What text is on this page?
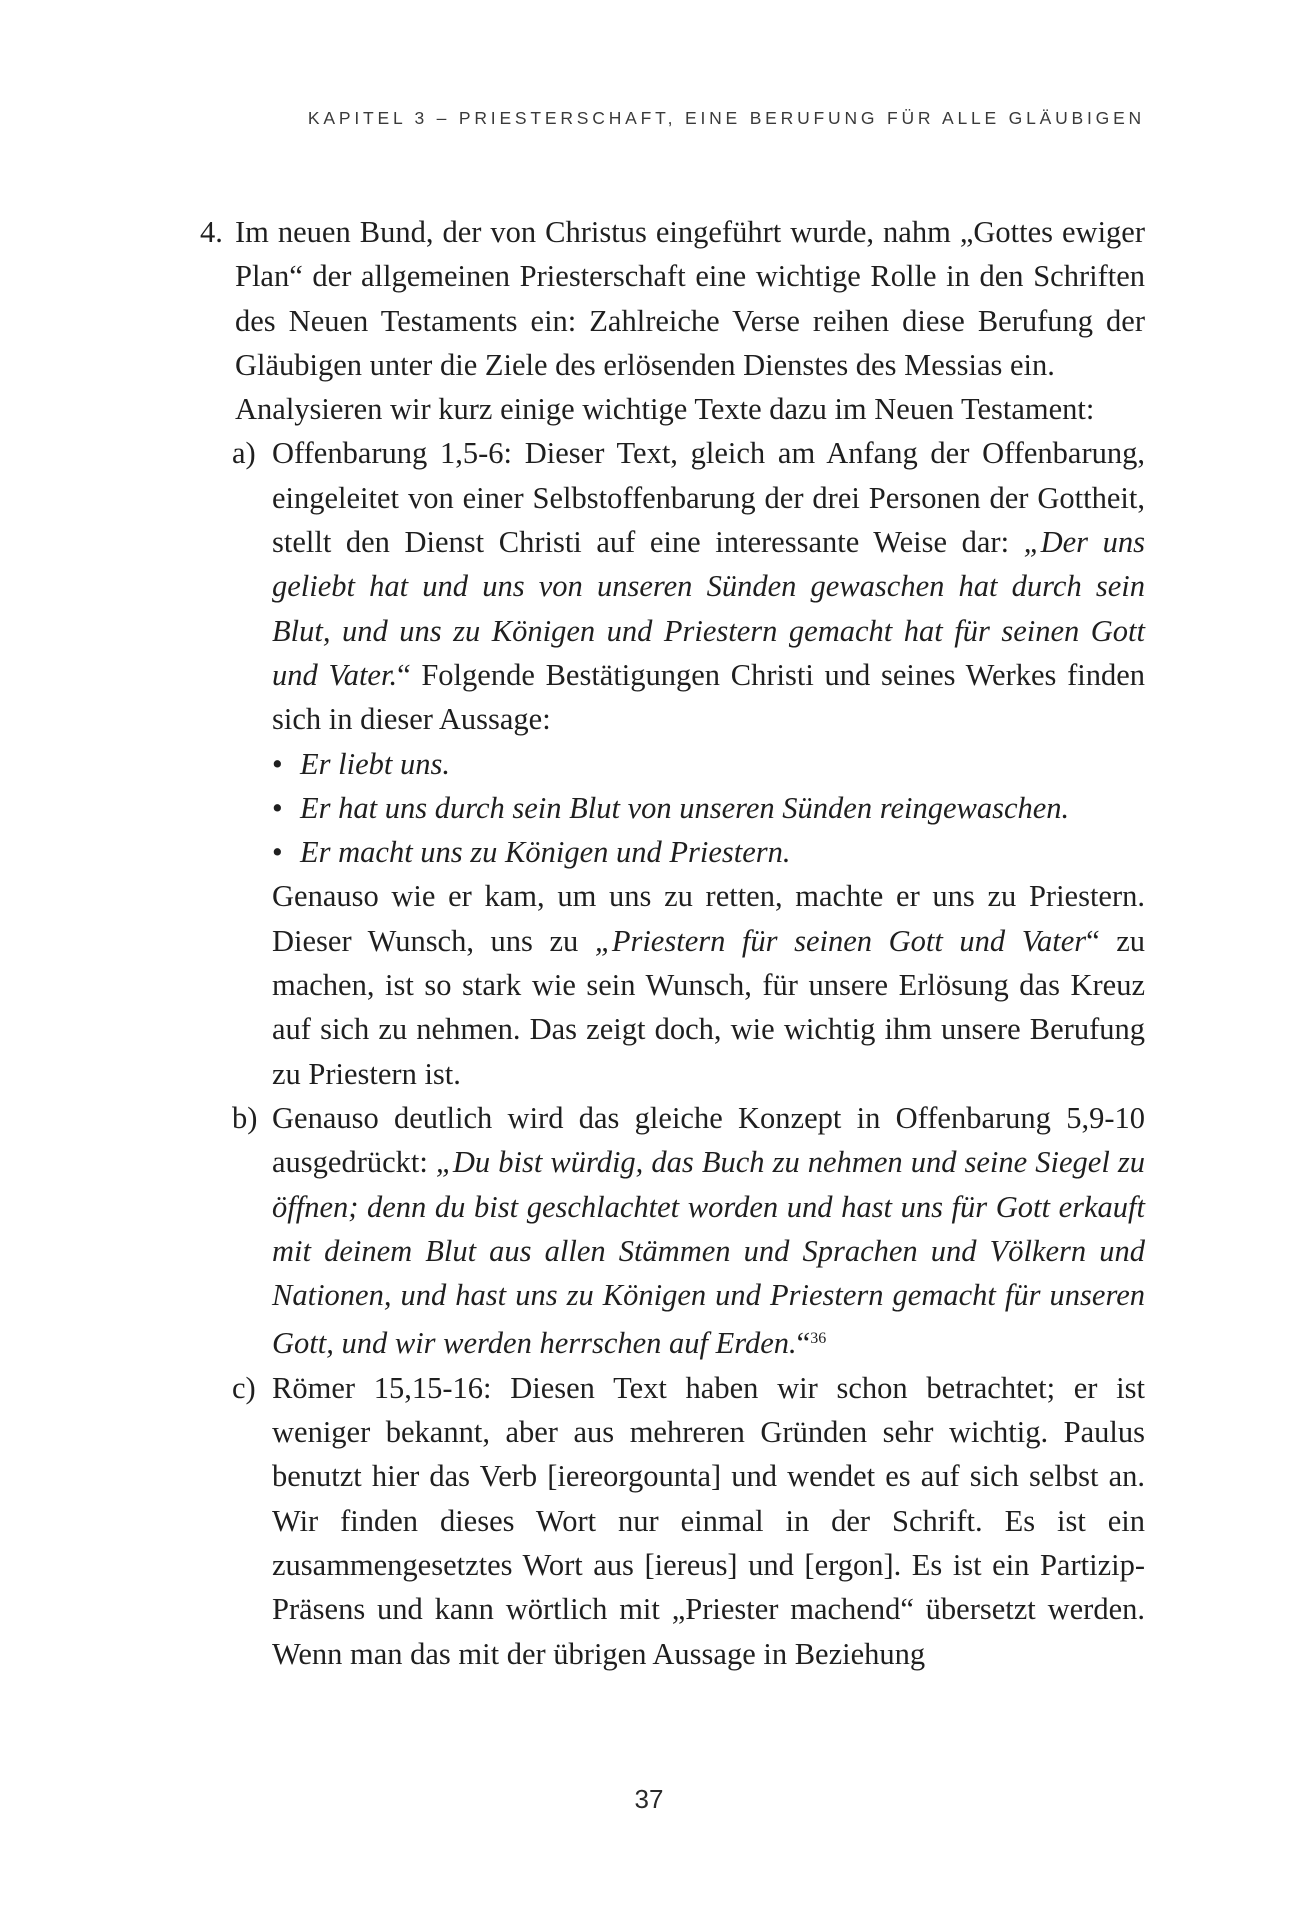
KAPITEL 3 – PRIESTERSCHAFT, EINE BERUFUNG FÜR ALLE GLÄUBIGEN

4. Im neuen Bund, der von Christus eingeführt wurde, nahm „Gottes ewiger Plan“ der allgemeinen Priesterschaft eine wichtige Rolle in den Schriften des Neuen Testaments ein: Zahlreiche Verse reihen diese Berufung der Gläubigen unter die Ziele des erlösenden Dienstes des Messias ein.

Analysieren wir kurz einige wichtige Texte dazu im Neuen Testament:

a) Offenbarung 1,5-6: Dieser Text, gleich am Anfang der Offenbarung, eingeleitet von einer Selbstoffenbarung der drei Personen der Gottheit, stellt den Dienst Christi auf eine interessante Weise dar: „Der uns geliebt hat und uns von unseren Sünden gewaschen hat durch sein Blut, und uns zu Königen und Priestern gemacht hat für seinen Gott und Vater.“ Folgende Bestätigungen Christi und seines Werkes finden sich in dieser Aussage:

• Er liebt uns.

• Er hat uns durch sein Blut von unseren Sünden reingewaschen.

• Er macht uns zu Königen und Priestern.

Genauso wie er kam, um uns zu retten, machte er uns zu Priestern. Dieser Wunsch, uns zu „Priestern für seinen Gott und Vater“ zu machen, ist so stark wie sein Wunsch, für unsere Erlösung das Kreuz auf sich zu nehmen. Das zeigt doch, wie wichtig ihm unsere Berufung zu Priestern ist.

b) Genauso deutlich wird das gleiche Konzept in Offenbarung 5,9-10 ausgedrückt: „Du bist würdig, das Buch zu nehmen und seine Siegel zu öffnen; denn du bist geschlachtet worden und hast uns für Gott erkauft mit deinem Blut aus allen Stämmen und Sprachen und Völkern und Nationen, und hast uns zu Königen und Priestern gemacht für unseren Gott, und wir werden herrschen auf Erden.“$^{36}$

c) Römer 15,15-16: Diesen Text haben wir schon betrachtet; er ist weniger bekannt, aber aus mehreren Gründen sehr wichtig. Paulus benutzt hier das Verb [iereorgounta] und wendet es auf sich selbst an. Wir finden dieses Wort nur einmal in der Schrift. Es ist ein zusammengesetztes Wort aus [iereus] und [ergon]. Es ist ein Partizip-Präsens und kann wörtlich mit „Priester machend“ übersetzt werden. Wenn man das mit der übrigen Aussage in Beziehung

37
